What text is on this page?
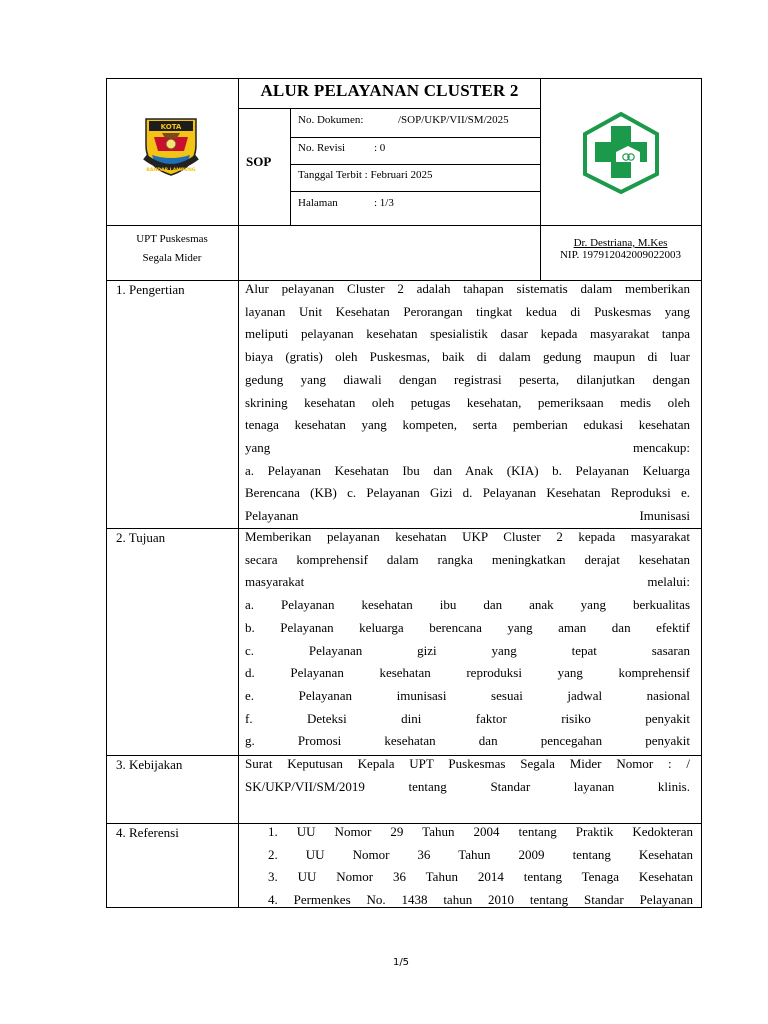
KOTA
BANDAR LAMPUNG
ALUR PELAYANAN CLUSTER 2
SOP
No. Dokumen:	/SOP/UKP/VII/SM/2025
No. Revisi	: 0
Tanggal Terbit : Februari 2025
Halaman	: 1/3
UPT Puskesmas
Segala Mider
Dr. Destriana, M.Kes
NIP. 197912042009022003
1. Pengertian	Alur pelayanan Cluster 2 adalah tahapan sistematis dalam memberikan
layanan Unit Kesehatan Perorangan tingkat kedua di Puskesmas yang
meliputi pelayanan kesehatan spesialistik dasar kepada masyarakat tanpa
biaya (gratis) oleh Puskesmas, baik di dalam gedung maupun di luar
gedung yang diawali dengan registrasi peserta, dilanjutkan dengan
skrining kesehatan oleh petugas kesehatan, pemeriksaan medis oleh
tenaga kesehatan yang kompeten, serta pemberian edukasi kesehatan
yang mencakup:
a. Pelayanan Kesehatan Ibu dan Anak (KIA) b. Pelayanan Keluarga
Berencana (KB) c. Pelayanan Gizi d. Pelayanan Kesehatan Reproduksi e.
Pelayanan Imunisasi
2. Tujuan	Memberikan pelayanan kesehatan UKP Cluster 2 kepada masyarakat
secara komprehensif dalam rangka meningkatkan derajat kesehatan
masyarakat melalui:
a. Pelayanan kesehatan ibu dan anak yang berkualitas
b. Pelayanan keluarga berencana yang aman dan efektif
c. Pelayanan gizi yang tepat sasaran
d. Pelayanan kesehatan reproduksi yang komprehensif
e. Pelayanan imunisasi sesuai jadwal nasional
f. Deteksi dini faktor risiko penyakit
g. Promosi kesehatan dan pencegahan penyakit
3. Kebijakan	Surat Keputusan Kepala UPT Puskesmas Segala Mider Nomor : /
SK/UKP/VII/SM/2019 tentang Standar layanan klinis.
4. Referensi	1. UU Nomor 29 Tahun 2004 tentang Praktik Kedokteran
2. UU Nomor 36 Tahun 2009 tentang Kesehatan
3. UU Nomor 36 Tahun 2014 tentang Tenaga Kesehatan
4. Permenkes No. 1438 tahun 2010 tentang Standar Pelayanan
1/5
